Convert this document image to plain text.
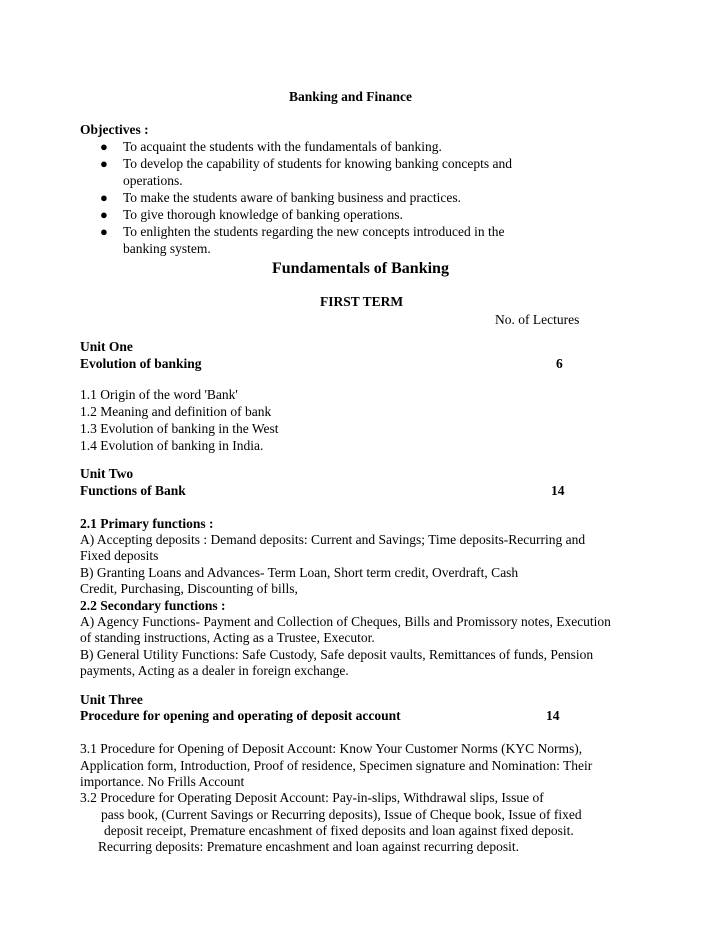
Banking and Finance
Objectives :
● To acquaint the students with the fundamentals of banking.
● To develop the capability of students for knowing banking concepts and
operations.
● To make the students aware of banking business and practices.
● To give thorough knowledge of banking operations.
● To enlighten the students regarding the new concepts introduced in the
banking system.
Fundamentals of Banking
FIRST TERM
No. of Lectures
Unit One
Evolution of banking	6
1.1 Origin of the word 'Bank'
1.2 Meaning and definition of bank
1.3 Evolution of banking in the West
1.4 Evolution of banking in India.
Unit Two
Functions of Bank	14
2.1 Primary functions :
A) Accepting deposits : Demand deposits: Current and Savings; Time deposits-Recurring and
Fixed deposits
B) Granting Loans and Advances- Term Loan, Short term credit, Overdraft, Cash
Credit, Purchasing, Discounting of bills,
2.2 Secondary functions :
A) Agency Functions- Payment and Collection of Cheques, Bills and Promissory notes, Execution
of standing instructions, Acting as a Trustee, Executor.
B) General Utility Functions: Safe Custody, Safe deposit vaults, Remittances of funds, Pension
payments, Acting as a dealer in foreign exchange.
Unit Three
Procedure for opening and operating of deposit account	14
3.1 Procedure for Opening of Deposit Account: Know Your Customer Norms (KYC Norms),
Application form, Introduction, Proof of residence, Specimen signature and Nomination: Their
importance. No Frills Account
3.2 Procedure for Operating Deposit Account: Pay-in-slips, Withdrawal slips, Issue of
pass book, (Current Savings or Recurring deposits), Issue of Cheque book, Issue of fixed
deposit receipt, Premature encashment of fixed deposits and loan against fixed deposit.
Recurring deposits: Premature encashment and loan against recurring deposit.
